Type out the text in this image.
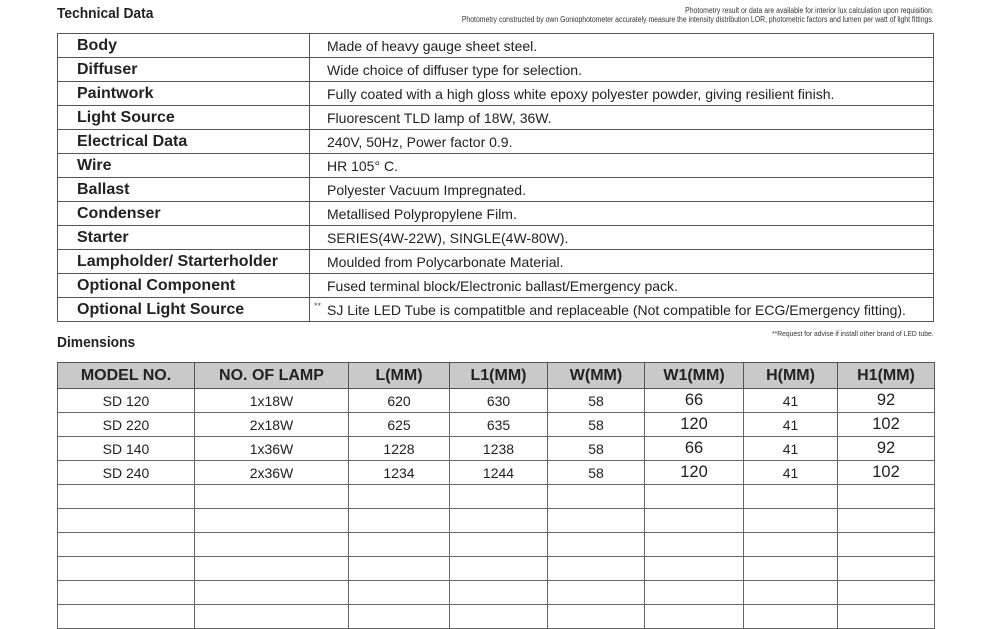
Technical Data	Photometry result or data are available for interior lux calculation upon requisition.
Photometry constructed by own Goniophotometer accurately measure the intensity distribution LOR, photometric factors and lumen per watt of light fittings.
Body	Made of heavy gauge sheet steel.
Diffuser	Wide choice of diffuser type for selection.
Paintwork	Fully coated with a high gloss white epoxy polyester powder, giving resilient finish.
Light Source	Fluorescent TLD lamp of 18W, 36W.
Electrical Data	240V, 50Hz, Power factor 0.9.
Wire	HR 105° C.
Ballast	Polyester Vacuum Impregnated.
Condenser	Metallised Polypropylene Film.
Starter	SERIES(4W-22W), SINGLE(4W-80W).
Lampholder/ Starterholder	Moulded from Polycarbonate Material.
Optional Component	Fused terminal block/Electronic ballast/Emergency pack.
Optional Light Source	** SJ Lite LED Tube is compatitble and replaceable (Not compatible for ECG/Emergency fitting).
Dimensions
**Request for advise if install other brand of LED tube.
MODEL NO.	NO. OF LAMP	L(MM)	L1(MM)	W(MM)	W1(MM)	H(MM)	H1(MM)
SD 120	1x18W	620	630	58	66	41	92
SD 220	2x18W	625	635	58	120	41	102
SD 140	1x36W	1228	1238	58	66	41	92
SD 240	2x36W	1234	1244	58	120	41	102
